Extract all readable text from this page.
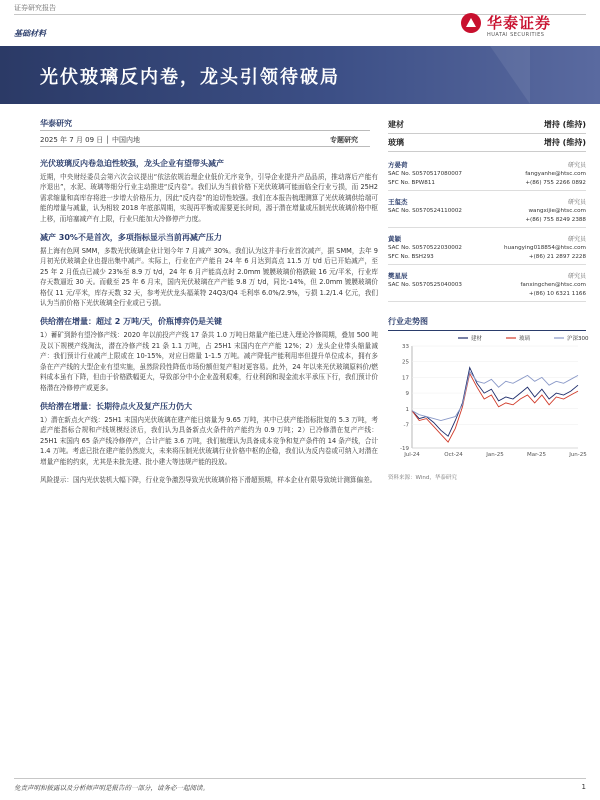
证券研究报告
基础材料
华泰证券
HUATAI SECURITIES
光伏玻璃反内卷，龙头引领待破局
华泰研究
2025 年 7 月 09 日 │ 中国内地	专题研究
建材	增持 (维持)
玻璃	增持 (维持)
光伏玻璃反内卷急迫性较强，龙头企业有望带头减产
近期，中央财经委员会第六次会议提出“依法依规治理企业低价无序竞争，引导企业提升产品品质，推动落后产能有序退出”，水泥、玻璃等细分行业主动推进“反内卷”。我们认为当前价格下光伏玻璃可能面临全行业亏损，而 25H2 需求缩量和高库存将进一步增大价格压力，因此“反内卷”的迫切性较强。我们在本报告梳理测算了光伏玻璃供给端可能的增量与减量，认为相较 2018 年底部周期，实现再平衡或需要更长时间，源于潜在增量或压制光伏玻璃价格中枢上移，而培塞减产有上限，行业只能加大冷修停产力度。
减产 30%不是首次，多项指标显示当前再减产压力
据上海有色网 SMM，多数光伏玻璃企业计划今年 7 月减产 30%。我们认为这并非行业首次减产，据 SMM，去年 9 月初光伏玻璃企业也提出集中减产。实际上，行业在产产能自 24 年 6 月达到高点 11.5 万 t/d 后已开始减产，至 25 年 2 月低点已减少 23%至 8.9 万 t/d，24 年 6 月产能高点时 2.0mm 镀膜玻璃价格跌破 16 元/平米，行业库存天数逼近 30 天。而截至 25 年 6 月末，国内光伏玻璃在产产能 9.8 万 t/d，同比-14%，但 2.0mm 镀膜玻璃价格仅 11 元/平米，库存天数 32 天，参考光伏龙头福莱特 24Q3/Q4 毛利率 6.0%/2.9%，亏损 1.2/1.4 亿元，我们认为当前价格下光伏玻璃全行业或已亏损。
供给潜在增量：超过 2 万吨/天，价瓶博弈仍是关键
1）蓄矿到龄有望冷修产线：2020 年以前投产产线 17 条共 1.0 万吨日熔量产能已进入理论冷修周期，叠加 500 吨及以下规模产线淘汰，潜在冷修产线 21 条 1.1 万吨，占 25H1 末国内在产产能 12%；2）龙头企业带头缩量减产：我们预计行业减产上限或在 10-15%，对应日熔量 1-1.5 万吨。减产降低产能利用率但提升单位成本，拥有多条在产产线的大型企业有望实施，虽然阶段性降低市场份额但复产相对更容易。此外，24 年以来光伏玻璃原料价/燃料成本虽有下降，但由于价格跌幅更大，导致部分中小企业盈利艰难，行业利润和现金流水平承压下行，我们预计价格潜在冷修停产或更多。
供给潜在增量：长期待点火及复产压力仍大
1）潜在新点火产线：25H1 末国内光伏玻璃在建产能日熔量为 9.65 万吨，其中已获产能指标批复的 5.3 万吨，考虑产能指标合规和产线规模经济后，我们认为具备新点火条件的产能约为 0.9 万吨；2）已冷修潜在复产产线：25H1 末国内 65 条产线冷修停产，合计产能 3.6 万吨，我们梳理认为具备成本竞争和复产条件的 14 条产线，合计 1.4 万吨。考虑已批在建产能仍然庞大，未来将压制光伏玻璃行业价格中枢的企稳，我们认为反内卷或可纳入对潜在增量产能的约束，尤其是未批先建、批小建大等违规产能的投放。
风险提示：国内光伏装机大幅下降，行业竞争激烈导致光伏玻璃价格下滑超预期，样本企业有限导致统计测算偏差。
方晏荷	研究员
SAC No. S0570517080007	fangyanhe@htsc.com
SFC No. BPW811	+(86) 755 2266 0892
王玺杰	研究员
SAC No. S0570524110002	wangxijie@htsc.com
+(86) 755 8249 2388
黄颖	研究员
SAC No. S0570522030002	huangying018854@htsc.com
SFC No. BSH293	+(86) 21 2897 2228
樊星辰	研究员
SAC No. S0570525040003	fanxingchen@htsc.com
+(86) 10 6321 1166
行业走势图
33
25
17
9
1
-7
-19
Jul-24	Oct-24	Jan-25	Mar-25	Jun-25
建材	玻璃	沪深300
资料来源：Wind，华泰研究
免责声明和披露以及分析师声明是报告的一部分，请务必一起阅读。	1
